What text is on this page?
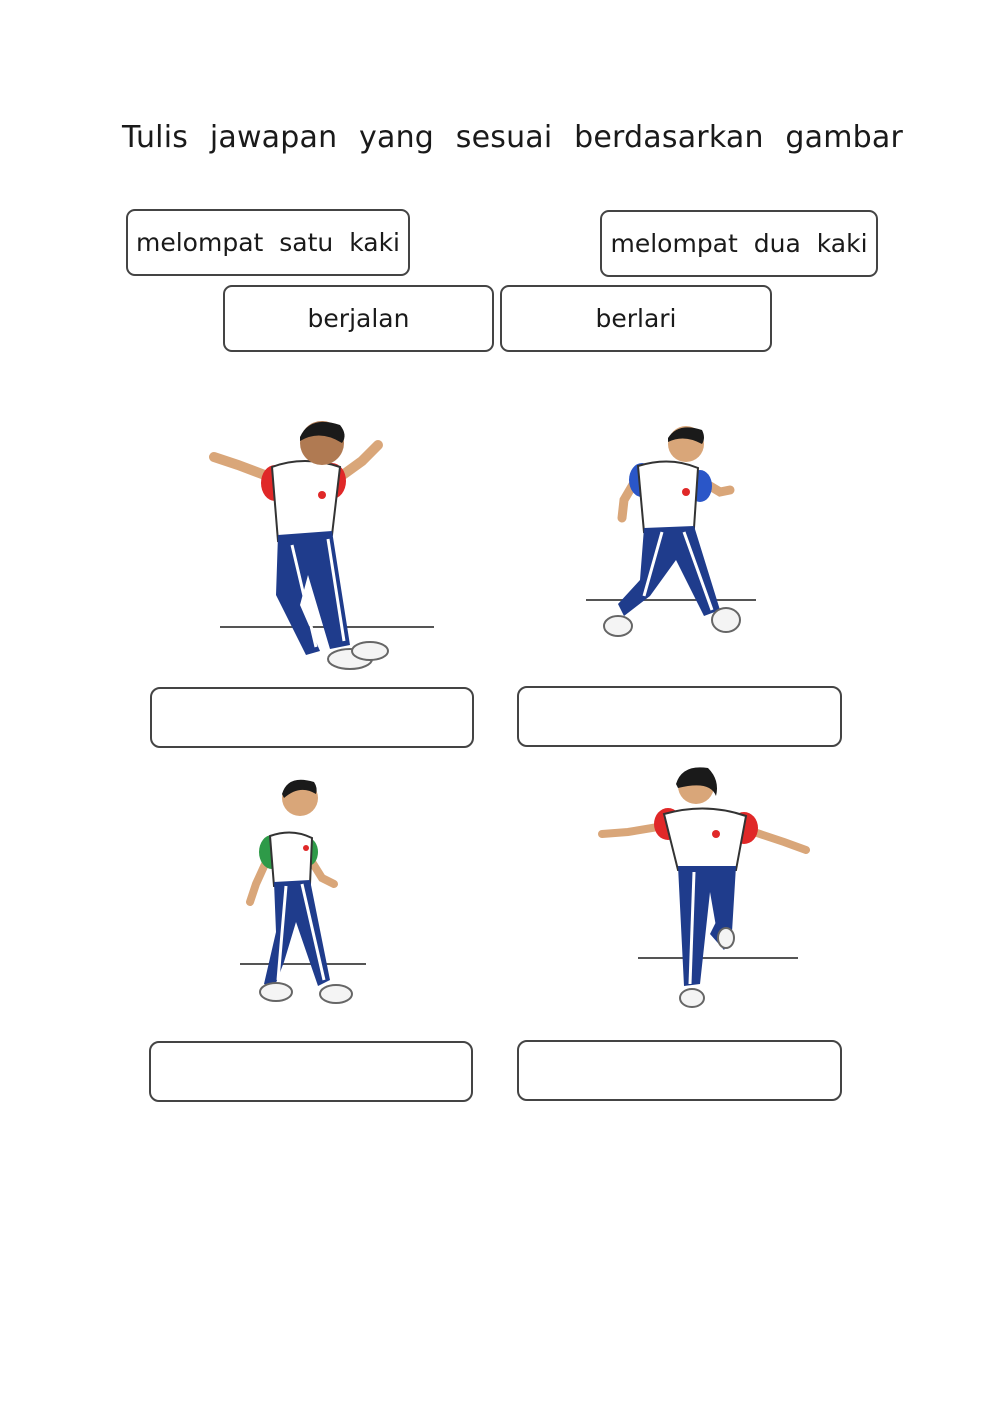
Tulis jawapan yang sesuai berdasarkan gambar
melompat satu kaki	melompat dua kaki
berjalan	berlari
